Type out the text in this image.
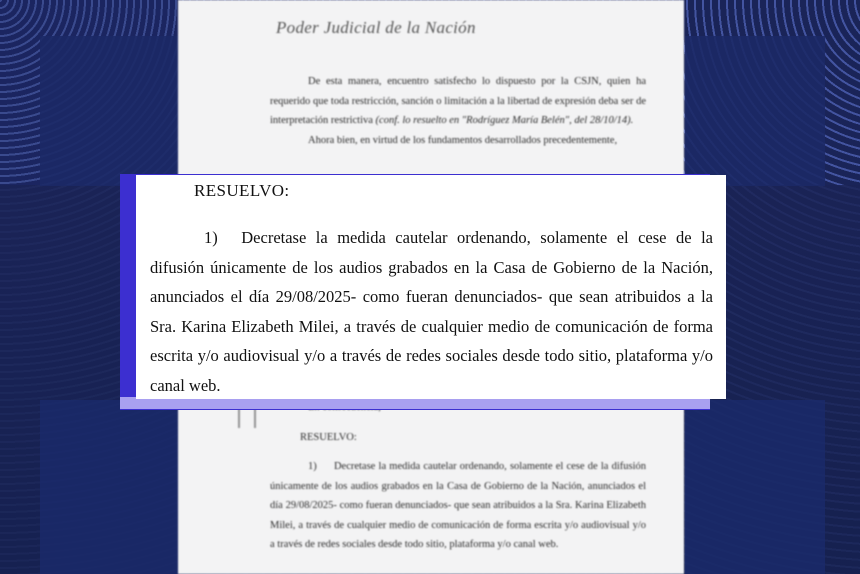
Poder Judicial de la Nación

De esta manera, encuentro satisfecho lo dispuesto por la CSJN, quien ha requerido que toda restricción, sanción o limitación a la libertad de expresión deba ser de interpretación restrictiva (conf. lo resuelto en "Rodríguez María Belén", del 28/10/14).

Ahora bien, en virtud de los fundamentos desarrollados precedentemente,

RESUELVO:

1) Decretase la medida cautelar ordenando, solamente el cese de la difusión únicamente de los audios grabados en la Casa de Gobierno de la Nación, anunciados el día 29/08/2025- como fueran denunciados- que sean atribuidos a la Sra. Karina Elizabeth Milei, a través de cualquier medio de comunicación de forma escrita y/o audiovisual y/o a través de redes sociales desde todo sitio, plataforma y/o canal web.

RESUELVO:

1) Decretase la medida cautelar ordenando, solamente el cese de la difusión únicamente de los audios grabados en la Casa de Gobierno de la Nación, anunciados el día 29/08/2025- como fueran denunciados- que sean atribuidos a la Sra. Karina Elizabeth Milei, a través de cualquier medio de comunicación de forma escrita y/o audiovisual y/o a través de redes sociales desde todo sitio, plataforma y/o canal web.
